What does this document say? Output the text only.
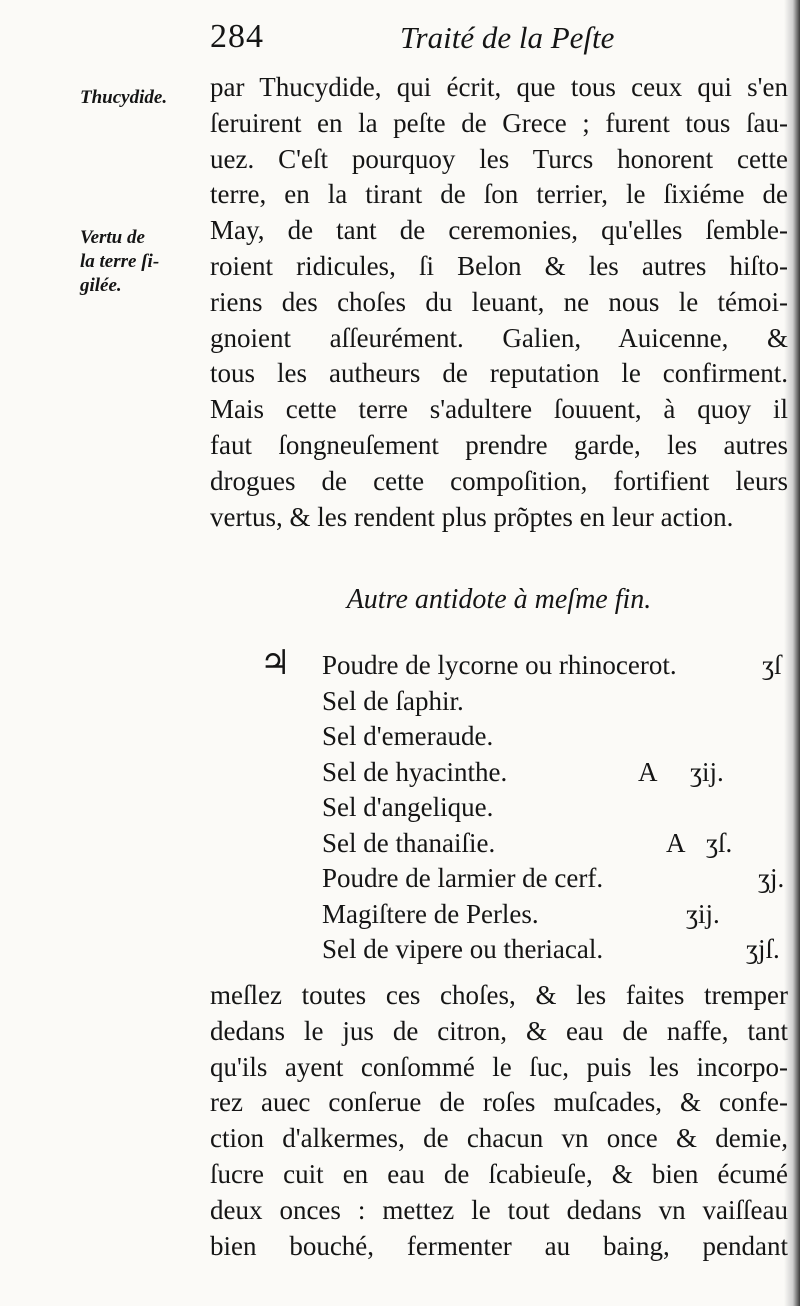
284	Traité de la Peſte
Thucydide.
Vertu de
la terre ſi-
gilée.
par Thucydide, qui écrit, que tous ceux qui s'en
ſeruirent en la peſte de Grece ; furent tous ſau-
uez. C'eſt pourquoy les Turcs honorent cette
terre, en la tirant de ſon terrier, le ſixiéme de
May, de tant de ceremonies, qu'elles ſemble-
roient ridicules, ſi Belon & les autres hiſto-
riens des choſes du leuant, ne nous le témoi-
gnoient aſſeurément. Galien, Auicenne, &
tous les autheurs de reputation le confirment.
Mais cette terre s'adultere ſouuent, à quoy il
faut ſongneuſement prendre garde, les autres
drogues de cette compoſition, fortifient leurs
vertus, & les rendent plus prõptes en leur action.
Autre antidote à meſme fin.
♃ Poudre de lycorne ou rhinocerot.	ʒſ
Sel de ſaphir.
Sel d'emeraude.
Sel de hyacinthe.	A ʒij.
Sel d'angelique.
Sel de thanaiſie.	A ʒſ.
Poudre de larmier de cerf.	ʒj.
Magiſtere de Perles.	ʒij.
Sel de vipere ou theriacal.	ʒjſ.
meſlez toutes ces choſes, & les faites tremper
dedans le jus de citron, & eau de naffe, tant
qu'ils ayent conſommé le ſuc, puis les incorpo-
rez auec conſerue de roſes muſcades, & confe-
ction d'alkermes, de chacun vn once & demie,
ſucre cuit en eau de ſcabieuſe, & bien écumé
deux onces : mettez le tout dedans vn vaiſſeau
bien bouché, fermenter au baing, pendant
